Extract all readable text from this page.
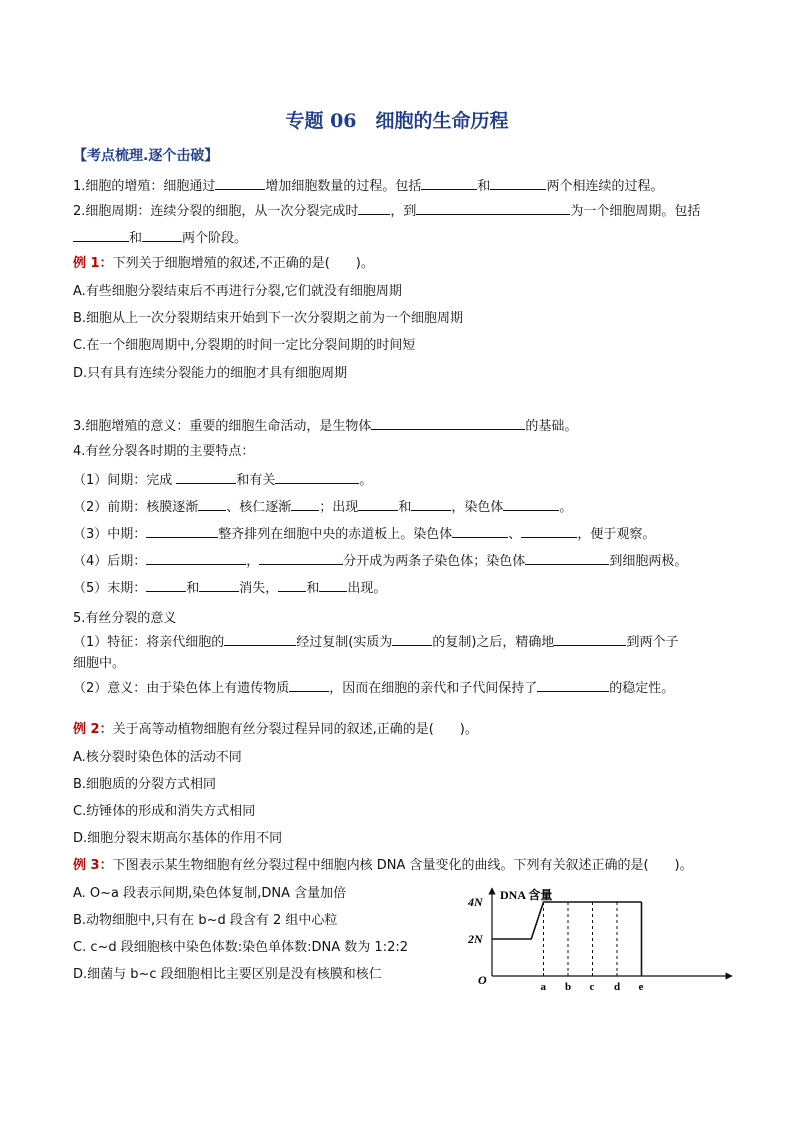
专题 06　细胞的生命历程
【考点梳理.逐个击破】
1.细胞的增殖：细胞通过	增加细胞数量的过程。包括	和	两个相连续的过程。
2.细胞周期：连续分裂的细胞，从一次分裂完成时 ，到	为一个细胞周期。包括
和	两个阶段。
例 1：下列关于细胞增殖的叙述,不正确的是(　　)。
A.有些细胞分裂结束后不再进行分裂,它们就没有细胞周期
B.细胞从上一次分裂期结束开始到下一次分裂期之前为一个细胞周期
C.在一个细胞周期中,分裂期的时间一定比分裂间期的时间短
D.只有具有连续分裂能力的细胞才具有细胞周期
3.细胞增殖的意义：重要的细胞生命活动，是生物体	的基础。
4.有丝分裂各时期的主要特点：
（1）间期：完成	和有关	。
（2）前期：核膜逐渐 、核仁逐渐 ；出现	和	，染色体	。
（3）中期：	整齐排列在细胞中央的赤道板上。染色体	、	，便于观察。
（4）后期：	，	分开成为两条子染色体；染色体	到细胞两极。
（5）末期：	和	消失， 和 出现。
5.有丝分裂的意义
（1）特征：将亲代细胞的	经过复制(实质为	的复制)之后，精确地	到两个子
细胞中。
（2）意义：由于染色体上有遗传物质	，因而在细胞的亲代和子代间保持了	的稳定性。
例 2：关于高等动植物细胞有丝分裂过程异同的叙述,正确的是(　　)。
A.核分裂时染色体的活动不同
B.细胞质的分裂方式相同
C.纺锤体的形成和消失方式相同
D.细胞分裂末期高尔基体的作用不同
例 3：下图表示某生物细胞有丝分裂过程中细胞内核 DNA 含量变化的曲线。下列有关叙述正确的是(　　)。
A. O~a 段表示间期,染色体复制,DNA 含量加倍
B.动物细胞中,只有在 b~d 段含有 2 组中心粒
C. c~d 段细胞核中染色体数:染色单体数:DNA 数为 1:2:2
D.细菌与 b~c 段细胞相比主要区别是没有核膜和核仁
DNA 含量
O
2N
4N
a b c d e
